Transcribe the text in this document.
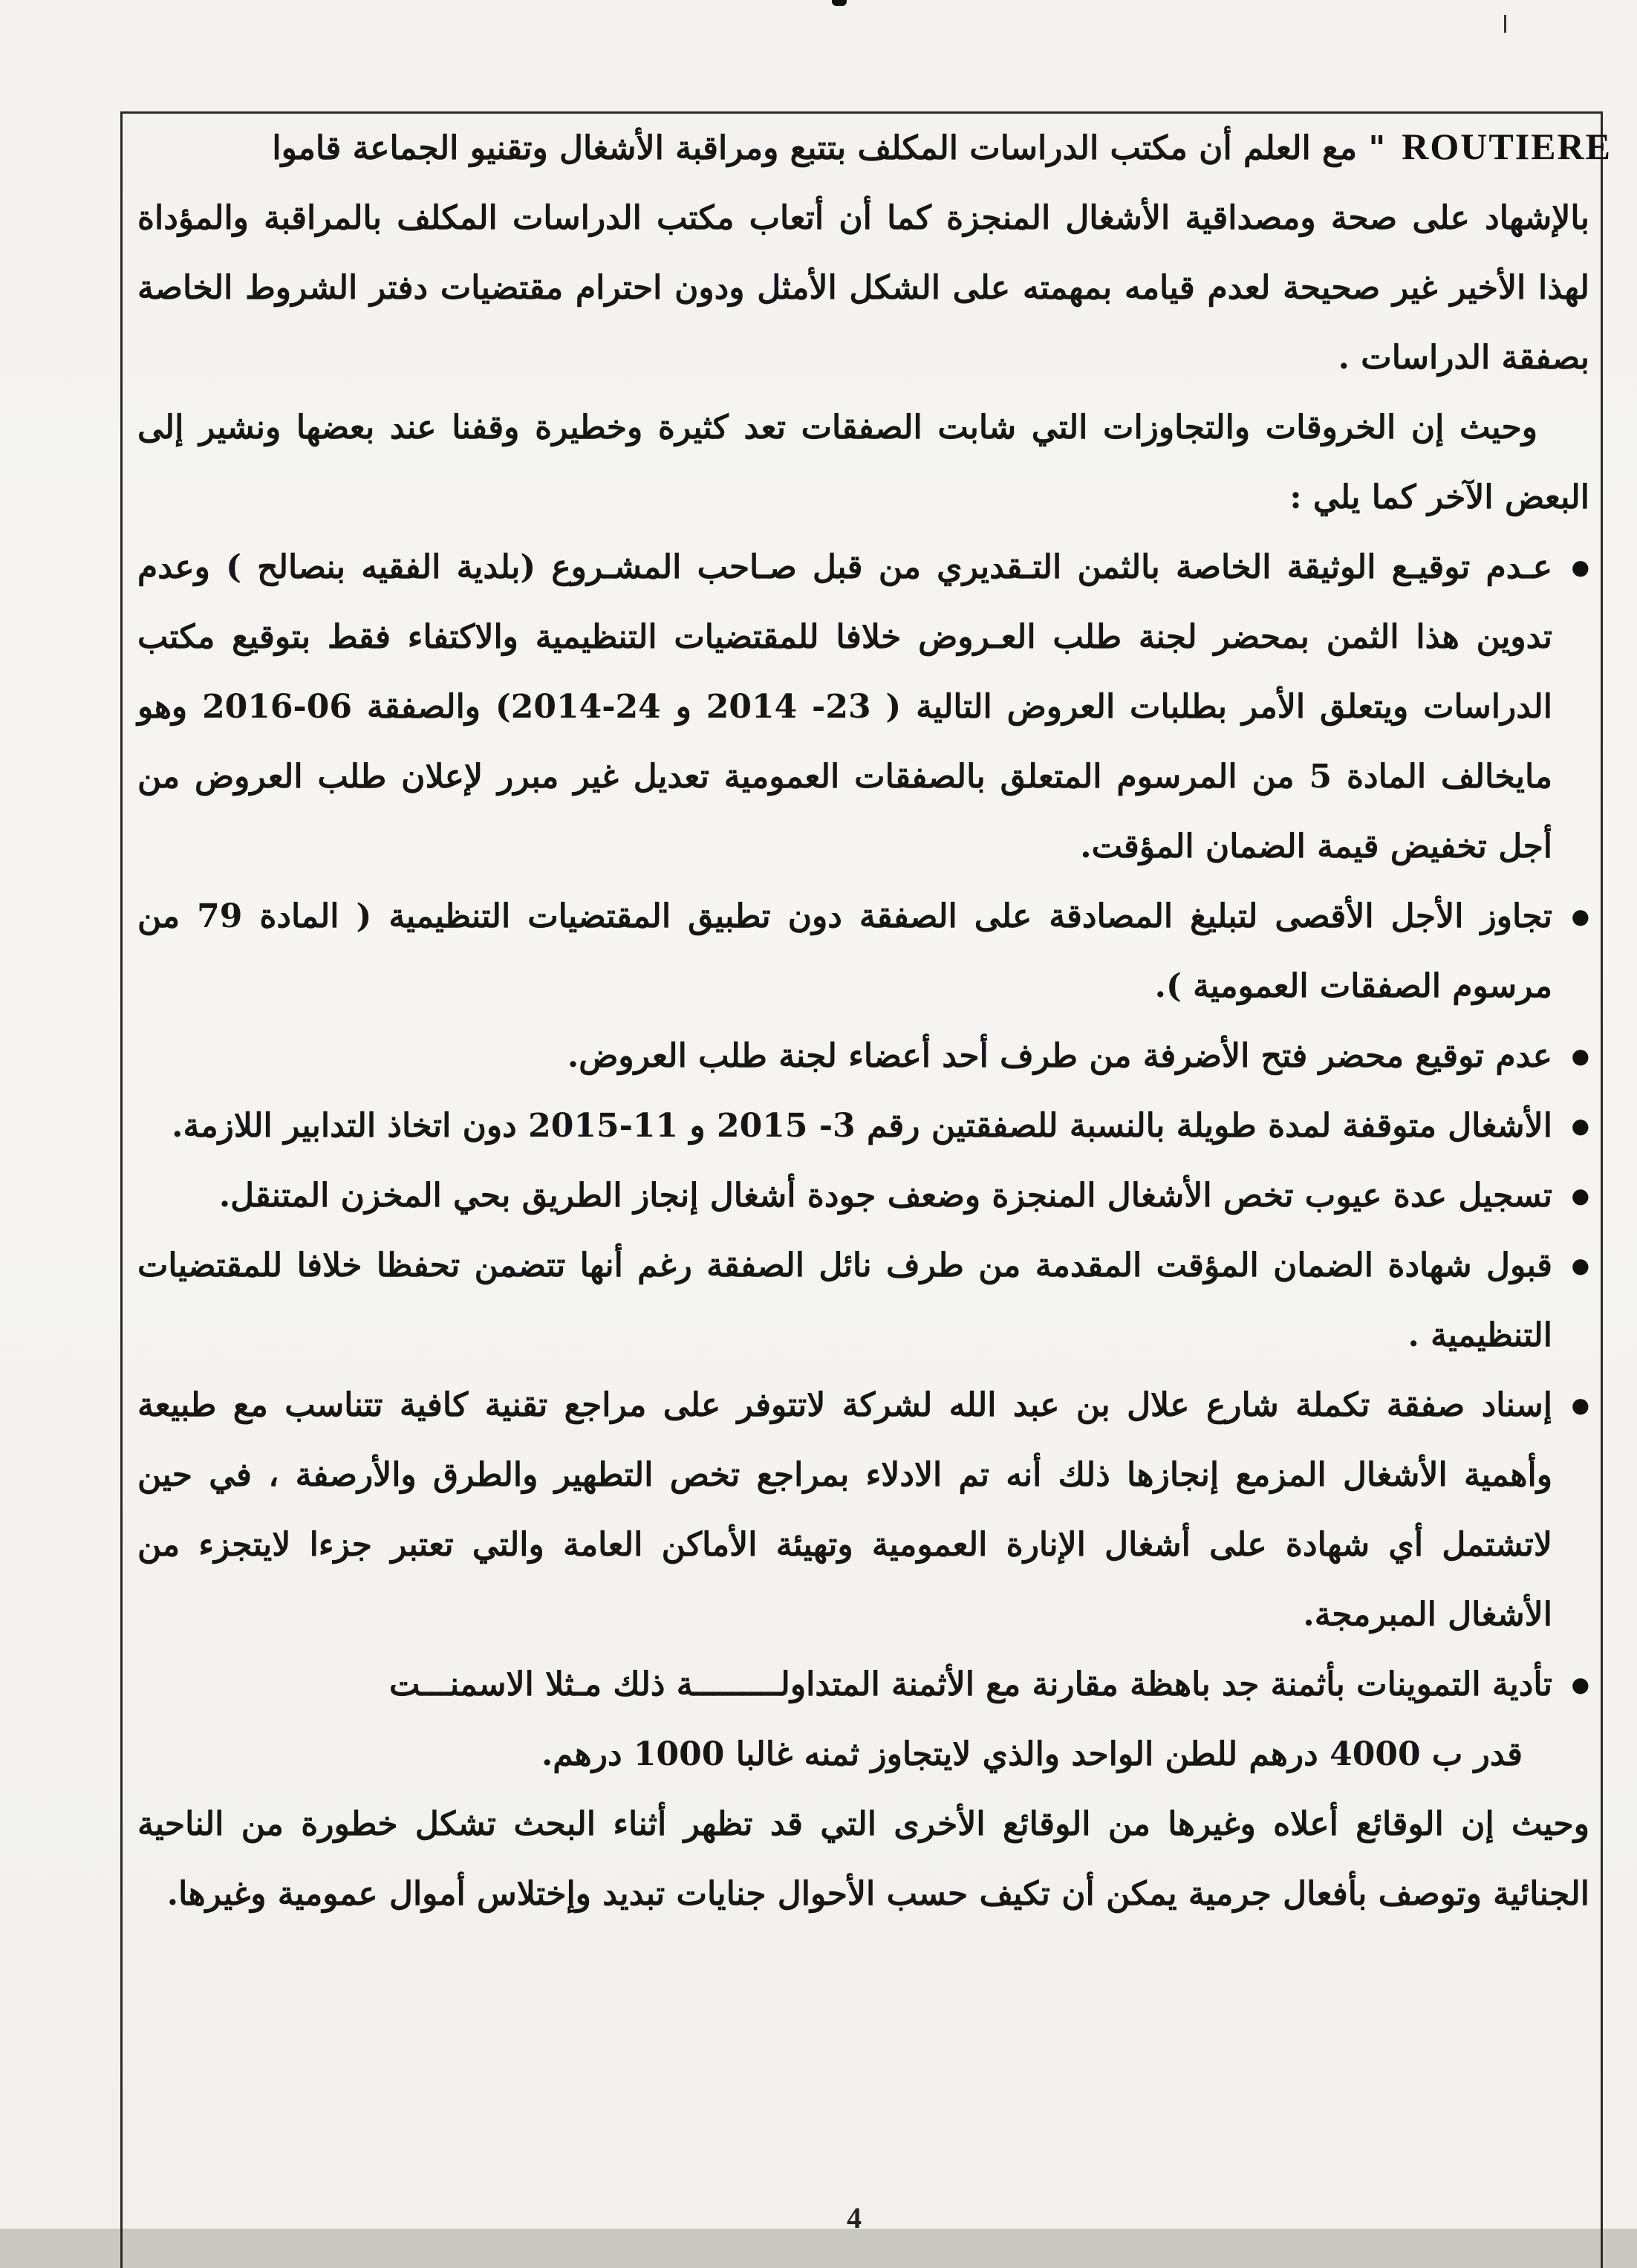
ROUTIERE
" مع العلم أن مكتب الدراسات المكلف بتتبع ومراقبة الأشغال وتقنيو الجماعة قاموا

بالإشهاد على صحة ومصداقية الأشغال المنجزة كما أن أتعاب مكتب الدراسات المكلف بالمراقبة والمؤداة لهذا الأخير غير صحيحة لعدم قيامه بمهمته على الشكل الأمثل ودون احترام مقتضيات دفتر الشروط الخاصة بصفقة الدراسات .

وحيث إن الخروقات والتجاوزات التي شابت الصفقات تعد كثيرة وخطيرة وقفنا عند بعضها ونشير إلى البعض الآخر كما يلي :

● عـدم توقيـع الوثيقة الخاصة بالثمن التـقديري من قبل صـاحب المشـروع (بلدية الفقيه بنصالح ) وعدم تدوين هذا الثمن بمحضر لجنة طلب العـروض خلافا للمقتضيات التنظيمية والاكتفاء فقط بتوقيع مكتب الدراسات ويتعلق الأمر بطلبات العروض التالية ( 23- 2014 و 24-2014) والصفقة 06-2016 وهو مايخالف المادة 5 من المرسوم المتعلق بالصفقات العمومية تعديل غير مبرر لإعلان طلب العروض من أجل تخفيض قيمة الضمان المؤقت.
● تجاوز الأجل الأقصى لتبليغ المصادقة على الصفقة دون تطبيق المقتضيات التنظيمية ( المادة 79 من مرسوم الصفقات العمومية ).
● عدم توقيع محضر فتح الأضرفة من طرف أحد أعضاء لجنة طلب العروض.
● الأشغال متوقفة لمدة طويلة بالنسبة للصفقتين رقم 3- 2015 و 11-2015 دون اتخاذ التدابير اللازمة.
● تسجيل عدة عيوب تخص الأشغال المنجزة وضعف جودة أشغال إنجاز الطريق بحي المخزن المتنقل.
● قبول شهادة الضمان المؤقت المقدمة من طرف نائل الصفقة رغم أنها تتضمن تحفظا خلافا للمقتضيات التنظيمية .
● إسناد صفقة تكملة شارع علال بن عبد الله لشركة لاتتوفر على مراجع تقنية كافية تتناسب مع طبيعة وأهمية الأشغال المزمع إنجازها ذلك أنه تم الادلاء بمراجع تخص التطهير والطرق والأرصفة ، في حين لاتشتمل أي شهادة على أشغال الإنارة العمومية وتهيئة الأماكن العامة والتي تعتبر جزءا لايتجزء من الأشغال المبرمجة.
● تأدية التموينات بأثمنة جد باهظة مقارنة مع الأثمنة المتداولـــــــــة ذلك مـثلا الاسمنـــت

قدر ب 4000 درهم للطن الواحد والذي لايتجاوز ثمنه غالبا 1000 درهم.

وحيث إن الوقائع أعلاه وغيرها من الوقائع الأخرى التي قد تظهر أثناء البحث تشكل خطورة من الناحية الجنائية وتوصف بأفعال جرمية يمكن أن تكيف حسب الأحوال جنايات تبديد وإختلاس أموال عمومية وغيرها.

4
